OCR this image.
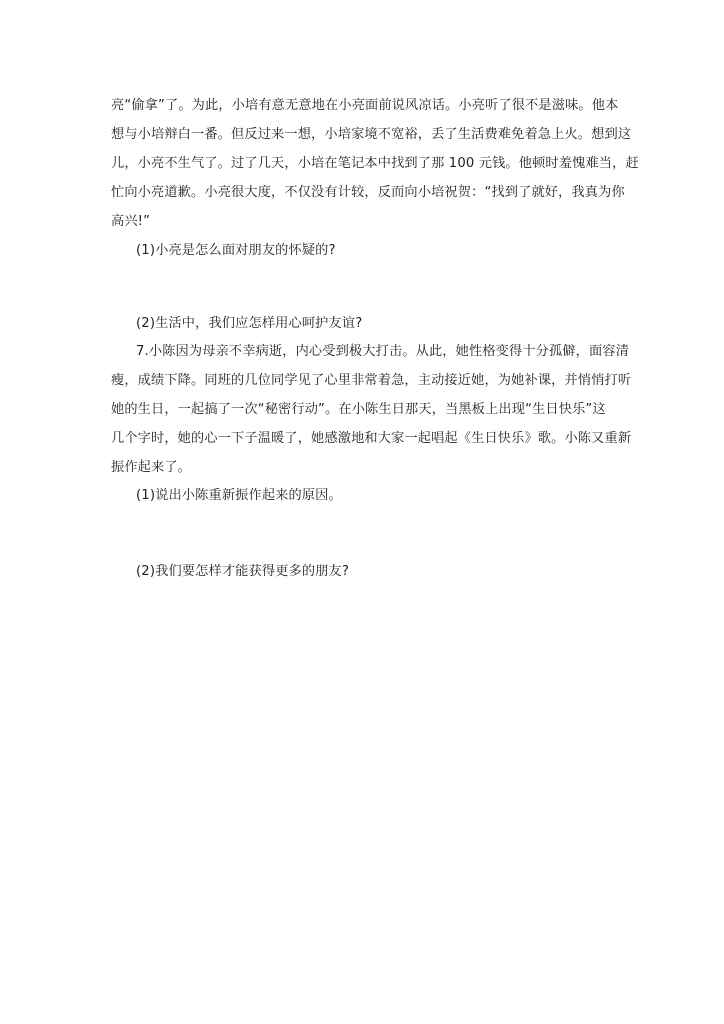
亮“偷拿”了。为此，小培有意无意地在小亮面前说风凉话。小亮听了很不是滋味。他本
想与小培辩白一番。但反过来一想，小培家境不宽裕，丢了生活费难免着急上火。想到这
儿，小亮不生气了。过了几天，小培在笔记本中找到了那 100 元钱。他顿时羞愧难当，赶
忙向小亮道歉。小亮很大度，不仅没有计较，反而向小培祝贺：“找到了就好，我真为你
高兴!”
(1)小亮是怎么面对朋友的怀疑的?
(2)生活中，我们应怎样用心呵护友谊?
7.小陈因为母亲不幸病逝，内心受到极大打击。从此，她性格变得十分孤僻，面容清
瘦，成绩下降。同班的几位同学见了心里非常着急，主动接近她，为她补课，并悄悄打听
她的生日，一起搞了一次“秘密行动”。在小陈生日那天，当黑板上出现“生日快乐”这
几个字时，她的心一下子温暖了，她感激地和大家一起唱起《生日快乐》歌。小陈又重新
振作起来了。
(1)说出小陈重新振作起来的原因。
(2)我们要怎样才能获得更多的朋友?
